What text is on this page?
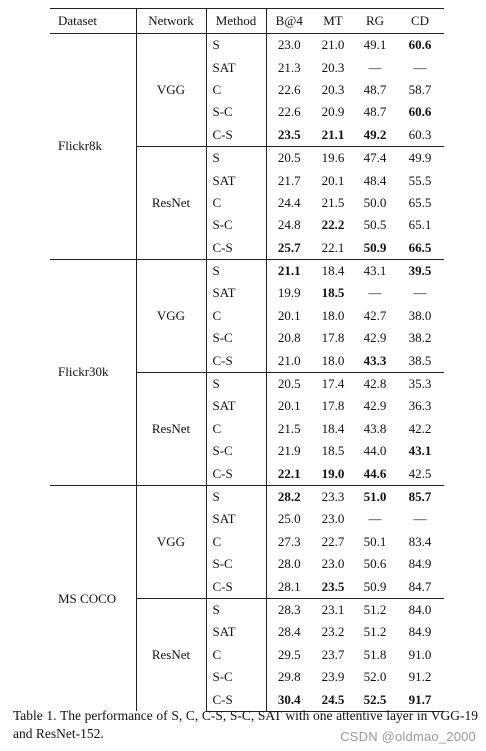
Dataset	Network	Method	B@4	MT	RG	CD
Flickr8k	VGG	S	23.0	21.0	49.1	60.6
		SAT	21.3	20.3	—	—
		C	22.6	20.3	48.7	58.7
		S-C	22.6	20.9	48.7	60.6
		C-S	23.5	21.1	49.2	60.3
	ResNet	S	20.5	19.6	47.4	49.9
		SAT	21.7	20.1	48.4	55.5
		C	24.4	21.5	50.0	65.5
		S-C	24.8	22.2	50.5	65.1
		C-S	25.7	22.1	50.9	66.5
Flickr30k	VGG	S	21.1	18.4	43.1	39.5
		SAT	19.9	18.5	—	—
		C	20.1	18.0	42.7	38.0
		S-C	20.8	17.8	42.9	38.2
		C-S	21.0	18.0	43.3	38.5
	ResNet	S	20.5	17.4	42.8	35.3
		SAT	20.1	17.8	42.9	36.3
		C	21.5	18.4	43.8	42.2
		S-C	21.9	18.5	44.0	43.1
		C-S	22.1	19.0	44.6	42.5
MS COCO	VGG	S	28.2	23.3	51.0	85.7
		SAT	25.0	23.0	—	—
		C	27.3	22.7	50.1	83.4
		S-C	28.0	23.0	50.6	84.9
		C-S	28.1	23.5	50.9	84.7
	ResNet	S	28.3	23.1	51.2	84.0
		SAT	28.4	23.2	51.2	84.9
		C	29.5	23.7	51.8	91.0
		S-C	29.8	23.9	52.0	91.2
		C-S	30.4	24.5	52.5	91.7
Table 1. The performance of S, C, C-S, S-C, SAT with one attentive layer in VGG-19 and ResNet-152.	CSDN @oldmao_2000
